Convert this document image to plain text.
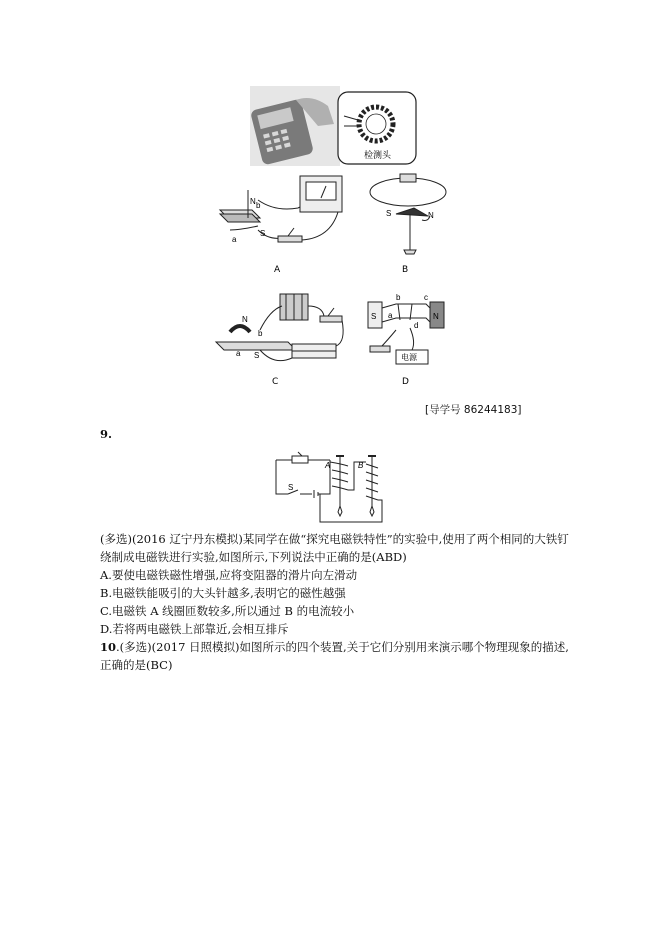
检测头
N b
S
a
A
S	N
B
N
b
a S
C
S	N
b	c
a
d
电源
D
[导学号 86244183]
9.
A	B
S
(多选)(2016 辽宁丹东模拟)某同学在做“探究电磁铁特性”的实验中,使用了两个相同的大铁钉
绕制成电磁铁进行实验,如图所示,下列说法中正确的是(ABD)
A.要使电磁铁磁性增强,应将变阻器的滑片向左滑动
B.电磁铁能吸引的大头针越多,表明它的磁性越强
C.电磁铁 A 线圈匝数较多,所以通过 B 的电流较小
D.若将两电磁铁上部靠近,会相互排斥
10.(多选)(2017 日照模拟)如图所示的四个装置,关于它们分别用来演示哪个物理现象的描述,
正确的是(BC)
